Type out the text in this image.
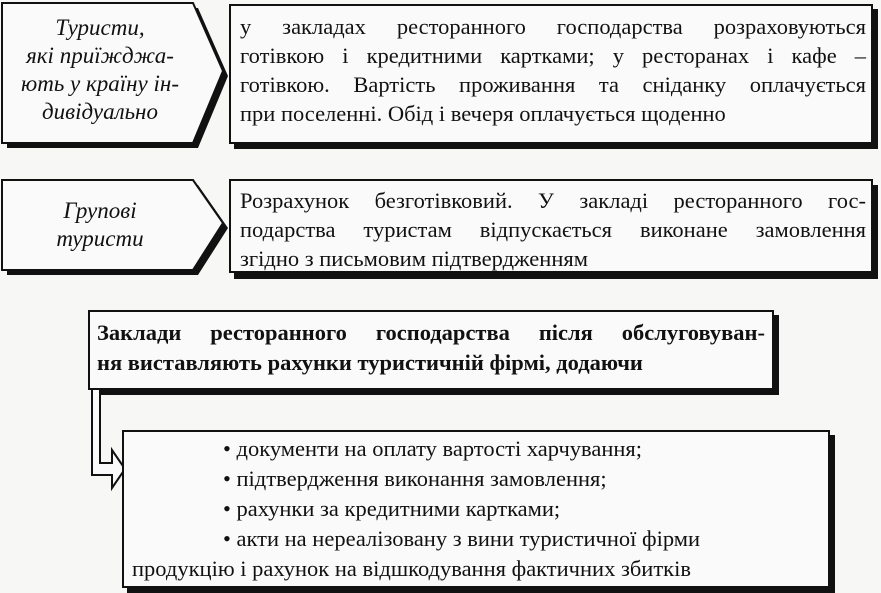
Туристи,
які приїжджа-
ють у країну ін-
дивідуально
у закладах ресторанного господарства розраховуються
готівкою і кредитними картками; у ресторанах і кафе –
готівкою. Вартість проживання та сніданку оплачується
при поселенні. Обід і вечеря оплачується щоденно
Групові
туристи
Розрахунок безготівковий. У закладі ресторанного гос-
подарства туристам відпускається виконане замовлення
згідно з письмовим підтвердженням
Заклади ресторанного господарства після обслуговуван-
ня виставляють рахунки туристичній фірмі, додаючи
• документи на оплату вартості харчування;
• підтвердження виконання замовлення;
• рахунки за кредитними картками;
• акти на нереалізовану з вини туристичної фірми
продукцію і рахунок на відшкодування фактичних збитків
